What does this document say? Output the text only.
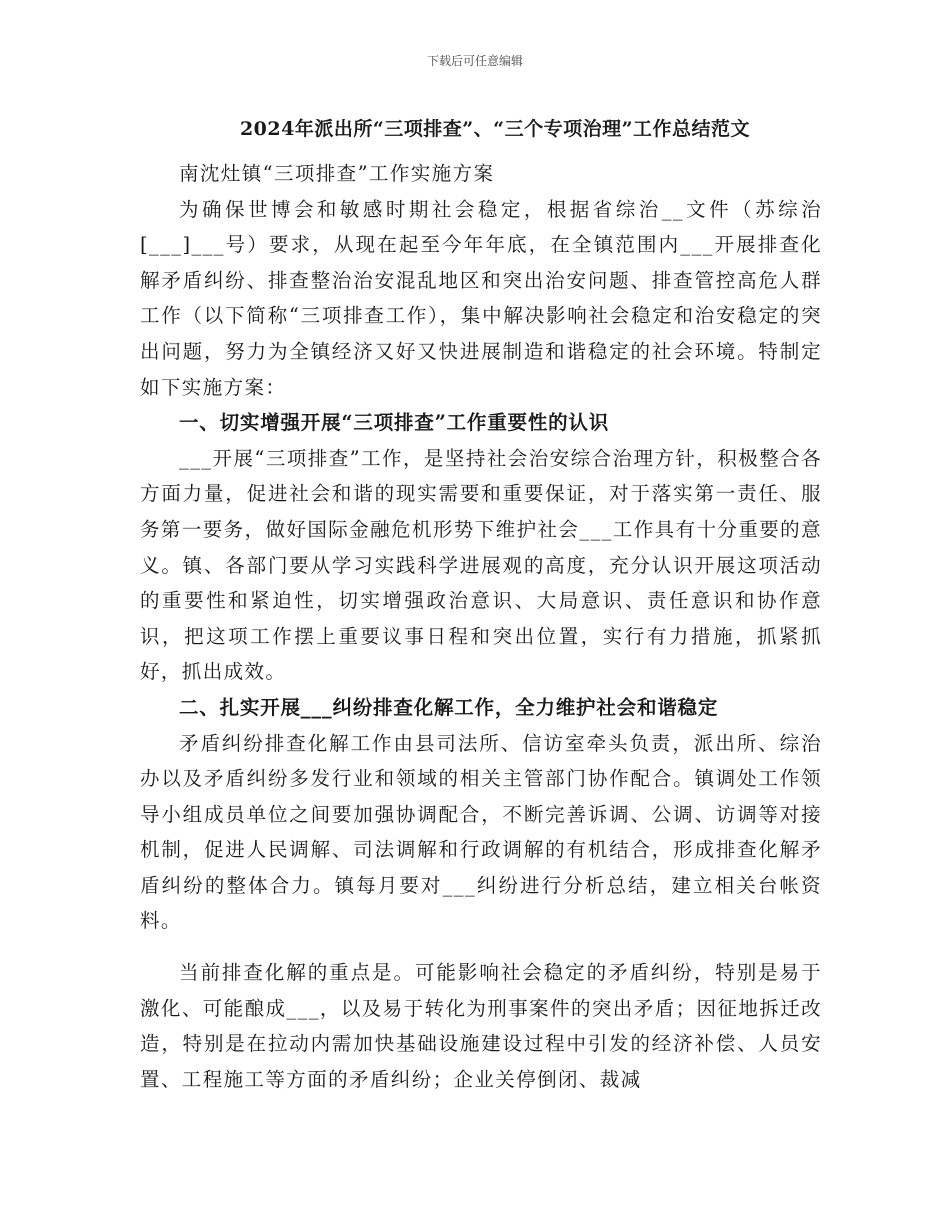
下载后可任意编辑
2024年派出所“三项排查”、“三个专项治理”工作总结范文

南沈灶镇“三项排查”工作实施方案

为确保世博会和敏感时期社会稳定，根据省综治__文件（苏综治[___]___号）要求，从现在起至今年年底，在全镇范围内___开展排查化解矛盾纠纷、排查整治治安混乱地区和突出治安问题、排查管控高危人群工作（以下简称“三项排查工作），集中解决影响社会稳定和治安稳定的突出问题，努力为全镇经济又好又快进展制造和谐稳定的社会环境。特制定如下实施方案：

一、切实增强开展“三项排查”工作重要性的认识

___开展“三项排查”工作，是坚持社会治安综合治理方针，积极整合各方面力量，促进社会和谐的现实需要和重要保证，对于落实第一责任、服务第一要务，做好国际金融危机形势下维护社会___工作具有十分重要的意义。镇、各部门要从学习实践科学进展观的高度，充分认识开展这项活动的重要性和紧迫性，切实增强政治意识、大局意识、责任意识和协作意识，把这项工作摆上重要议事日程和突出位置，实行有力措施，抓紧抓好，抓出成效。

二、扎实开展___纠纷排查化解工作，全力维护社会和谐稳定

矛盾纠纷排查化解工作由县司法所、信访室牵头负责，派出所、综治办以及矛盾纠纷多发行业和领域的相关主管部门协作配合。镇调处工作领导小组成员单位之间要加强协调配合，不断完善诉调、公调、访调等对接机制，促进人民调解、司法调解和行政调解的有机结合，形成排查化解矛盾纠纷的整体合力。镇每月要对___纠纷进行分析总结，建立相关台帐资料。

当前排查化解的重点是。可能影响社会稳定的矛盾纠纷，特别是易于激化、可能酿成___，以及易于转化为刑事案件的突出矛盾；因征地拆迁改造，特别是在拉动内需加快基础设施建设过程中引发的经济补偿、人员安置、工程施工等方面的矛盾纠纷；企业关停倒闭、裁减
